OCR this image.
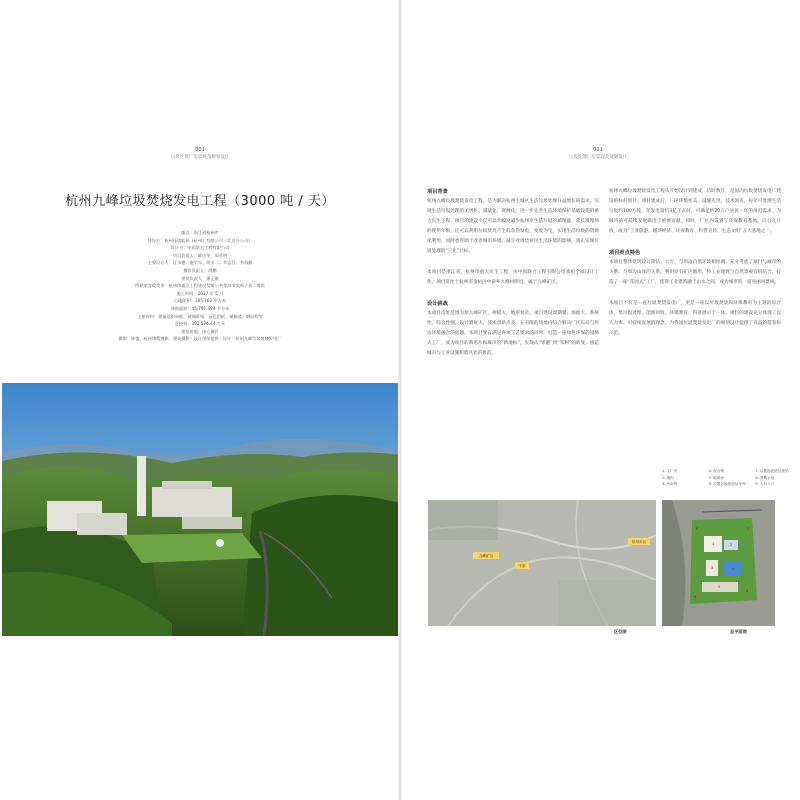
001
垃圾处理厂房景观及规划设计
杭州九峰垃圾焚烧发电工程（3000 吨 / 天）
地点：浙江省杭州市
建设方：杭州环境能源（杭州）有限公司（北京分公司）
设计方：中国联合工程有限公司
项目负责人：陈庆华、周亚明
主要设计人：汪水德、施学军、胡亚二、寿志芬、李海静
摄影负责人：薛鹏
建设负责人：潘正敏
所获荣誉或奖项：杭州市重点工程建设奖第一名等众多奖项 / 获二等奖
施工时间：2017 年 5 月
占地面积：185,760 平方米
建筑面积：45,791.494 平方米
主要材料：奥福达铝单板、玻璃幕墙、穿孔铝板、氟碳漆、钢结构等
总投资：392,576.44 万元
建设用地：中心城区
摄影：陈俊、杭州锦霞摄影、建筑摄影 · 设计图纸提供 · 设计：杭州九峰垃圾焚烧发电厂
001
垃圾处理厂房景观及规划设计
项目背景

杭州九峰垃圾焚烧发电工程，是为解决杭州主城区生活垃圾处理日益增长的需求，实现生活垃圾处理的无害化、减量化、资源化，进一步完善生态环境保护基础设施的重大民生工程。项目的建设不仅可以大幅度减少杭州市生活垃圾的填埋量，延长填埋场的使用年限，还可以利用垃圾焚烧产生的余热发电，变废为宝，实现生活垃圾的资源化利用，同时也有助于改善城市环境，减少对周边居民生活环境的影响，真正实现垃圾处理的“三化”目标。

本项目是浙江省、杭州市重大民生工程，由中国联合工程有限公司承担全部设计工作。项目选址于杭州市余杭区中泰乡九峰村附近，属于九峰矿区。

设计挑战

本项目选址范围为原九峰矿区，规模大，地形复杂，项目建设周期紧，场地大，系统性、综合性强，设计难度大、技术创新点多，在有限的场地内综合解决厂区布局与周边环境融合的问题。本项目要在满足各项工艺要求的同时，打造一座绿色环保的园林式工厂，成为项目的新名片和城市的“新地标”，实现从“邻避”到“邻利”的转变，创造城市与工业设施和谐共处的典范。

杭州九峰垃圾焚烧发电工程从开始设计到建成，历时数年，是国内垃圾焚烧发电厂建设的标杆项目。项目建成后，厂区环境优美，设施先进，技术领先，每年可处理生活垃圾约100万吨，年发电量约3亿千瓦时，可满足约20万户居民一年的用电需求，为城市的可持续发展做出了重要贡献。同时，厂区内设置了环保教育基地，向公众开放，成为“工业旅游、循环经济、环保教育、科普宣传、生态文明”五大基地之一。

项目亮点特色

本项目整体建筑设计简洁、大方，与周边自然环境相协调，充分考虑了项目与城市的关系、与周边山体的关系，利用原有矿区地形，将工业建筑与自然景观有机结合，打造了一座“花园式”工厂，使得工业建筑融于山水之间，成为城市的一道亮丽风景线。

本项目不仅是一座垃圾焚烧发电厂，更是一座以垃圾焚烧和环保教育为主题的综合体，集垃圾处理、能源回收、环保教育、科普展示于一体。项目的建设充分体现了以人为本、可持续发展的理念，为我国垃圾焚烧发电厂的规划设计提供了有益的借鉴和示范。

1. 主厂房	4. 综合楼	7. 垃圾渗滤液处理站
2. 烟囱	5. 地磅房	8. 景观水池
3. 冷却塔	6. 垃圾运输坡道及车库	9. 人行入口
九峰矿区
中泰
杭州市区	1	2
3	4
5
6	7
8
9
区位图	总平面图
